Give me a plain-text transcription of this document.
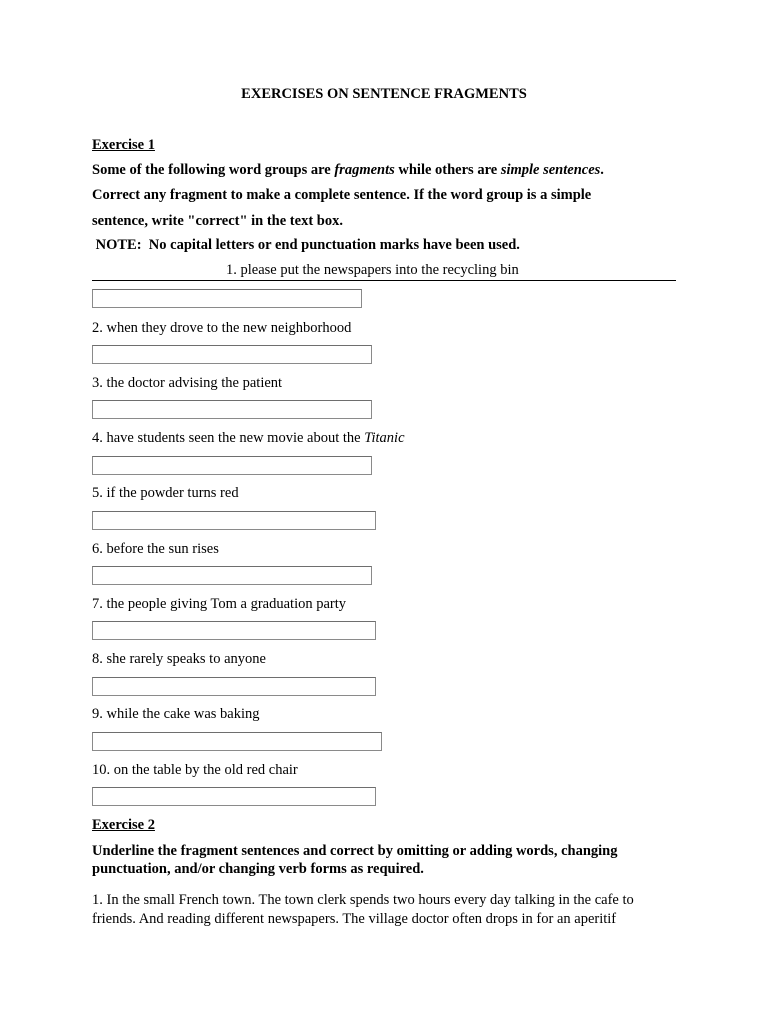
EXERCISES ON SENTENCE FRAGMENTS
Exercise 1
Some of the following word groups are fragments while others are simple sentences.
Correct any fragment to make a complete sentence. If the word group is a simple
sentence, write "correct" in the text box.
NOTE:  No capital letters or end punctuation marks have been used.
1. please put the newspapers into the recycling bin
2. when they drove to the new neighborhood
3. the doctor advising the patient
4. have students seen the new movie about the Titanic
5. if the powder turns red
6. before the sun rises
7. the people giving Tom a graduation party
8. she rarely speaks to anyone
9. while the cake was baking
10. on the table by the old red chair
Exercise 2
Underline the fragment sentences and correct by omitting or adding words, changing
punctuation, and/or changing verb forms as required.
1. In the small French town. The town clerk spends two hours every day talking in the cafe to
friends. And reading different newspapers. The village doctor often drops in for an aperitif
